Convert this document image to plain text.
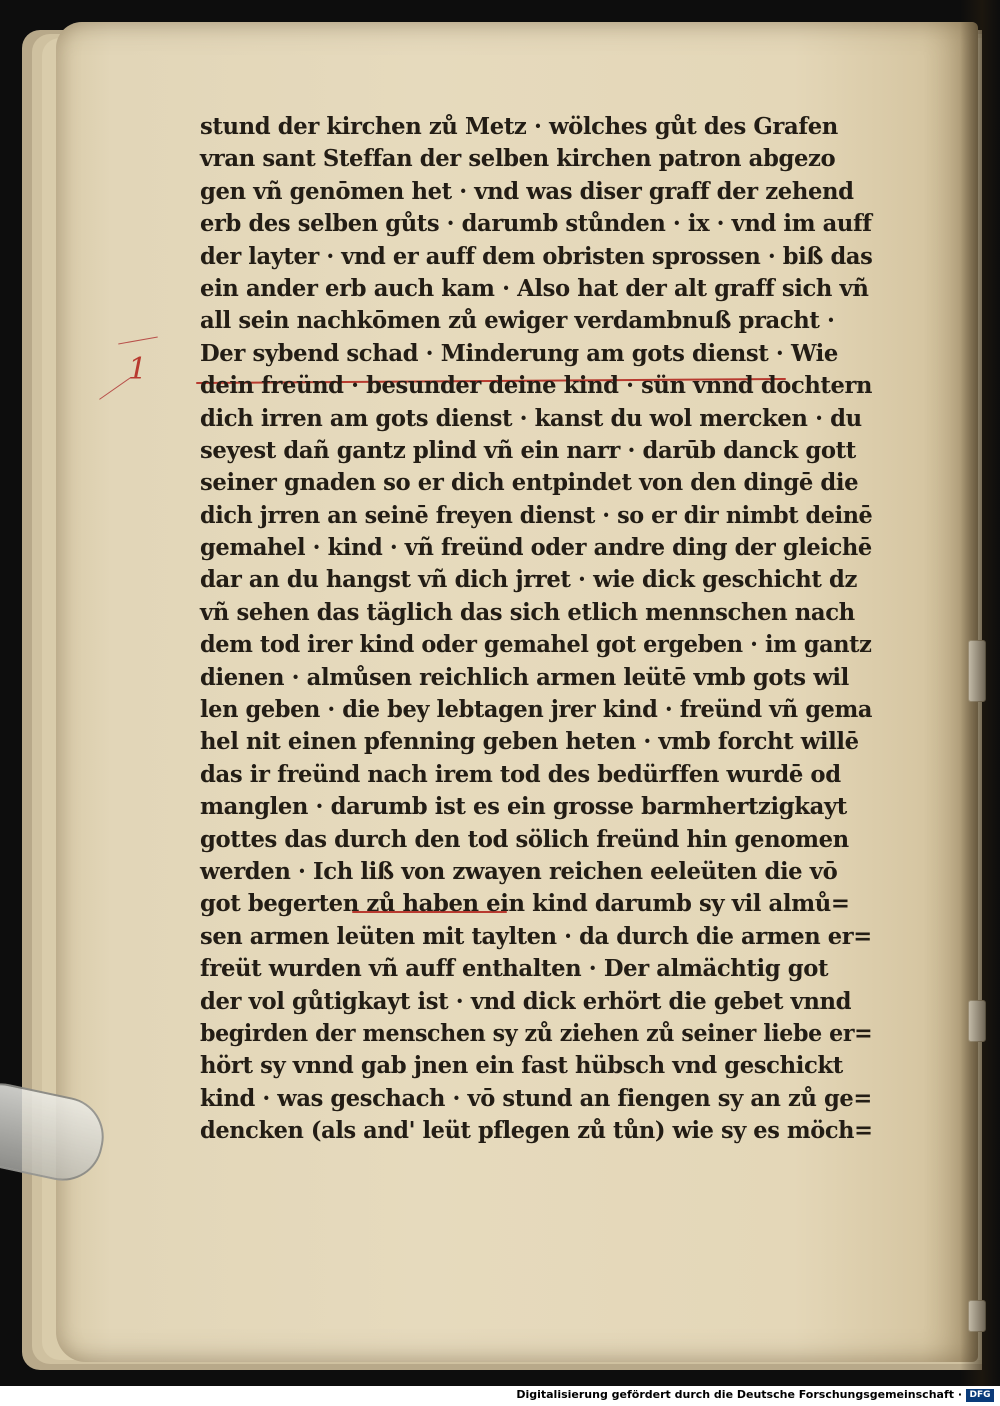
1
stund der kirchen zů Metz · wölches gůt des Grafen
vran sant Steffan der selben kirchen patron abgezo
gen vñ genōmen het · vnd was diser graff der zehend
erb des selben gůts · darumb stůnden · ix · vnd im auff
der layter · vnd er auff dem obristen sprossen · biß das
ein ander erb auch kam · Also hat der alt graff sich vñ
all sein nachkōmen zů ewiger verdambnuß pracht ·
Der sybend schad · Minderung am gots dienst · Wie
dein freünd · besunder deine kind · sün vnnd dochtern
dich irren am gots dienst · kanst du wol mercken · du
seyest dañ gantz plind vñ ein narr · darūb danck gott
seiner gnaden so er dich entpindet von den dingē die
dich jrren an seinē freyen dienst · so er dir nimbt deinē
gemahel · kind · vñ freünd oder andre ding der gleichē
dar an du hangst vñ dich jrret · wie dick geschicht dz
vñ sehen das täglich das sich etlich mennschen nach
dem tod irer kind oder gemahel got ergeben · im gantz
dienen · almůsen reichlich armen leütē vmb gots wil
len geben · die bey lebtagen jrer kind · freünd vñ gema
hel nit einen pfenning geben heten · vmb forcht willē
das ir freünd nach irem tod des bedürffen wurdē od
manglen · darumb ist es ein grosse barmhertzigkayt
gottes das durch den tod sölich freünd hin genomen
werden · Ich liß von zwayen reichen eeleüten die vō
got begerten zů haben ein kind darumb sy vil almů=
sen armen leüten mit taylten · da durch die armen er=
freüt wurden vñ auff enthalten · Der almächtig got
der vol gůtigkayt ist · vnd dick erhört die gebet vnnd
begirden der menschen sy zů ziehen zů seiner liebe er=
hört sy vnnd gab jnen ein fast hübsch vnd geschickt
kind · was geschach · vō stund an fiengen sy an zů ge=
dencken (als and' leüt pflegen zů tůn) wie sy es möch=
Digitalisierung gefördert durch die Deutsche Forschungsgemeinschaft · DFG
